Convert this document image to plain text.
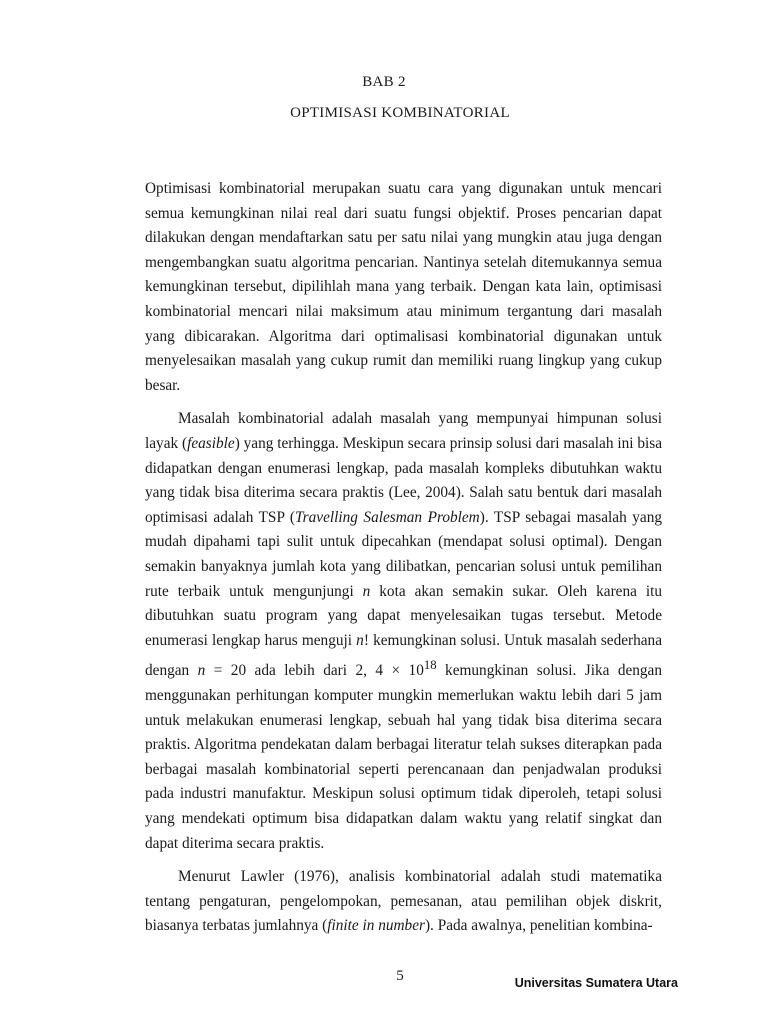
BAB 2
OPTIMISASI KOMBINATORIAL

Optimisasi kombinatorial merupakan suatu cara yang digunakan untuk mencari semua kemungkinan nilai real dari suatu fungsi objektif. Proses pencarian dapat dilakukan dengan mendaftarkan satu per satu nilai yang mungkin atau juga dengan mengembangkan suatu algoritma pencarian. Nantinya setelah ditemukannya semua kemungkinan tersebut, dipilihlah mana yang terbaik. Dengan kata lain, optimisasi kombinatorial mencari nilai maksimum atau minimum tergantung dari masalah yang dibicarakan. Algoritma dari optimalisasi kombinatorial digunakan untuk menyelesaikan masalah yang cukup rumit dan memiliki ruang lingkup yang cukup besar.

Masalah kombinatorial adalah masalah yang mempunyai himpunan solusi layak (feasible) yang terhingga. Meskipun secara prinsip solusi dari masalah ini bisa didapatkan dengan enumerasi lengkap, pada masalah kompleks dibutuhkan waktu yang tidak bisa diterima secara praktis (Lee, 2004). Salah satu bentuk dari masalah optimisasi adalah TSP (Travelling Salesman Problem). TSP sebagai masalah yang mudah dipahami tapi sulit untuk dipecahkan (mendapat solusi optimal). Dengan semakin banyaknya jumlah kota yang dilibatkan, pencarian solusi untuk pemilihan rute terbaik untuk mengunjungi n kota akan semakin sukar. Oleh karena itu dibutuhkan suatu program yang dapat menyelesaikan tugas tersebut. Metode enumerasi lengkap harus menguji n! kemungkinan solusi. Untuk masalah sederhana dengan n = 20 ada lebih dari 2, $4 \times 10^{18}$ kemungkinan solusi. Jika dengan menggunakan perhitungan komputer mungkin memerlukan waktu lebih dari 5 jam untuk melakukan enumerasi lengkap, sebuah hal yang tidak bisa diterima secara praktis. Algoritma pendekatan dalam berbagai literatur telah sukses diterapkan pada berbagai masalah kombinatorial seperti perencanaan dan penjadwalan produksi pada industri manufaktur. Meskipun solusi optimum tidak diperoleh, tetapi solusi yang mendekati optimum bisa didapatkan dalam waktu yang relatif singkat dan dapat diterima secara praktis.

Menurut Lawler (1976), analisis kombinatorial adalah studi matematika tentang pengaturan, pengelompokan, pemesanan, atau pemilihan objek diskrit, biasanya terbatas jumlahnya (finite in number). Pada awalnya, penelitian kombina-

5	Universitas Sumatera Utara
